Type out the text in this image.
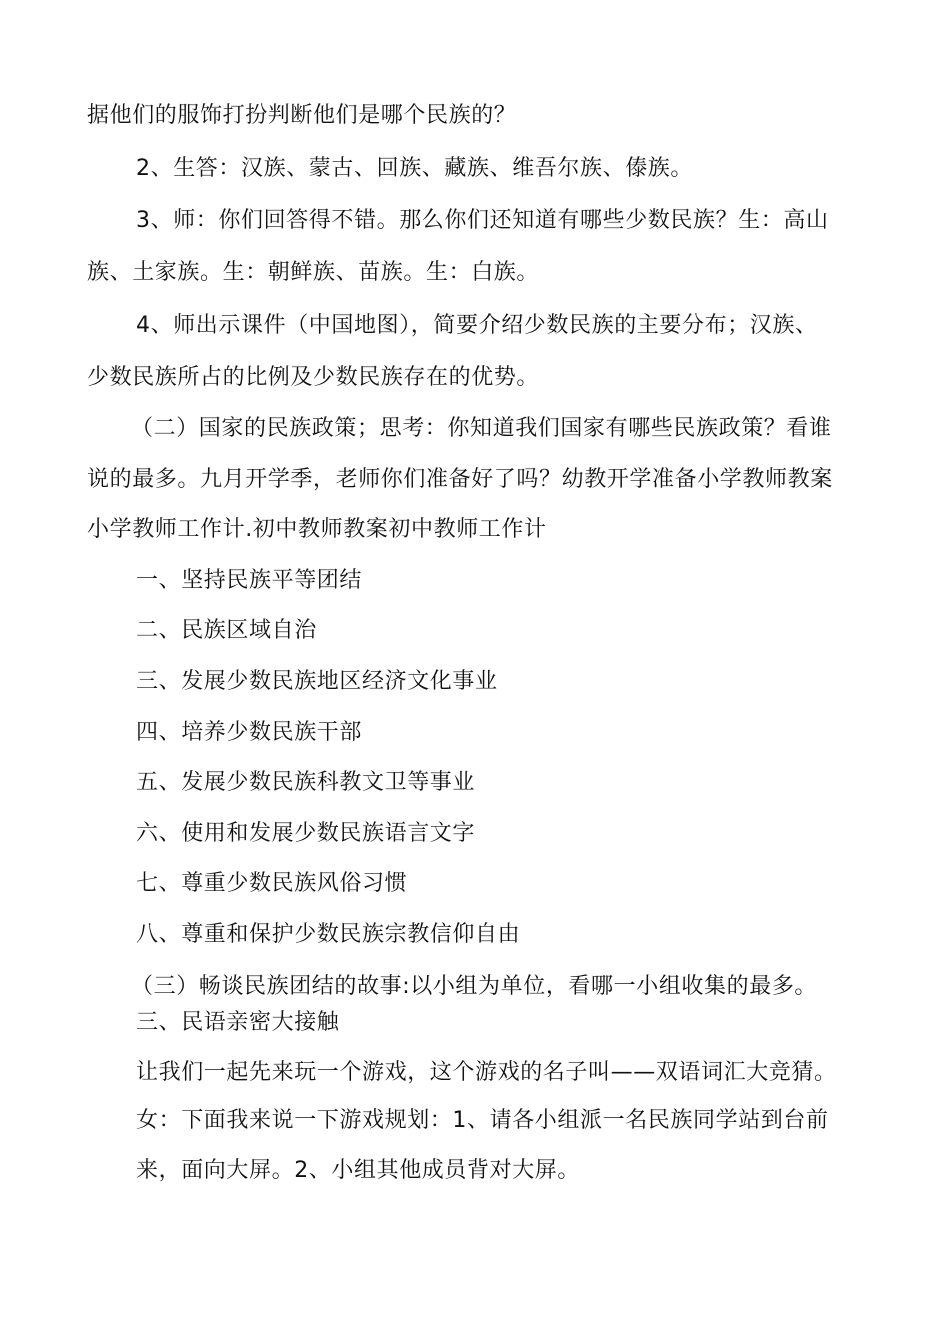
据他们的服饰打扮判断他们是哪个民族的？
2、生答：汉族、蒙古、回族、藏族、维吾尔族、傣族。
3、师：你们回答得不错。那么你们还知道有哪些少数民族？生：高山
族、土家族。生：朝鲜族、苗族。生：白族。
4、师出示课件（中国地图），简要介绍少数民族的主要分布；汉族、
少数民族所占的比例及少数民族存在的优势。
（二）国家的民族政策；思考：你知道我们国家有哪些民族政策？看谁
说的最多。九月开学季，老师你们准备好了吗？幼教开学准备小学教师教案
小学教师工作计.初中教师教案初中教师工作计
一、坚持民族平等团结
二、民族区域自治
三、发展少数民族地区经济文化事业
四、培养少数民族干部
五、发展少数民族科教文卫等事业
六、使用和发展少数民族语言文字
七、尊重少数民族风俗习惯
八、尊重和保护少数民族宗教信仰自由
（三）畅谈民族团结的故事:以小组为单位，看哪一小组收集的最多。
三、民语亲密大接触
让我们一起先来玩一个游戏，这个游戏的名子叫——双语词汇大竞猜。
女：下面我来说一下游戏规划：1、请各小组派一名民族同学站到台前
来，面向大屏。2、小组其他成员背对大屏。
